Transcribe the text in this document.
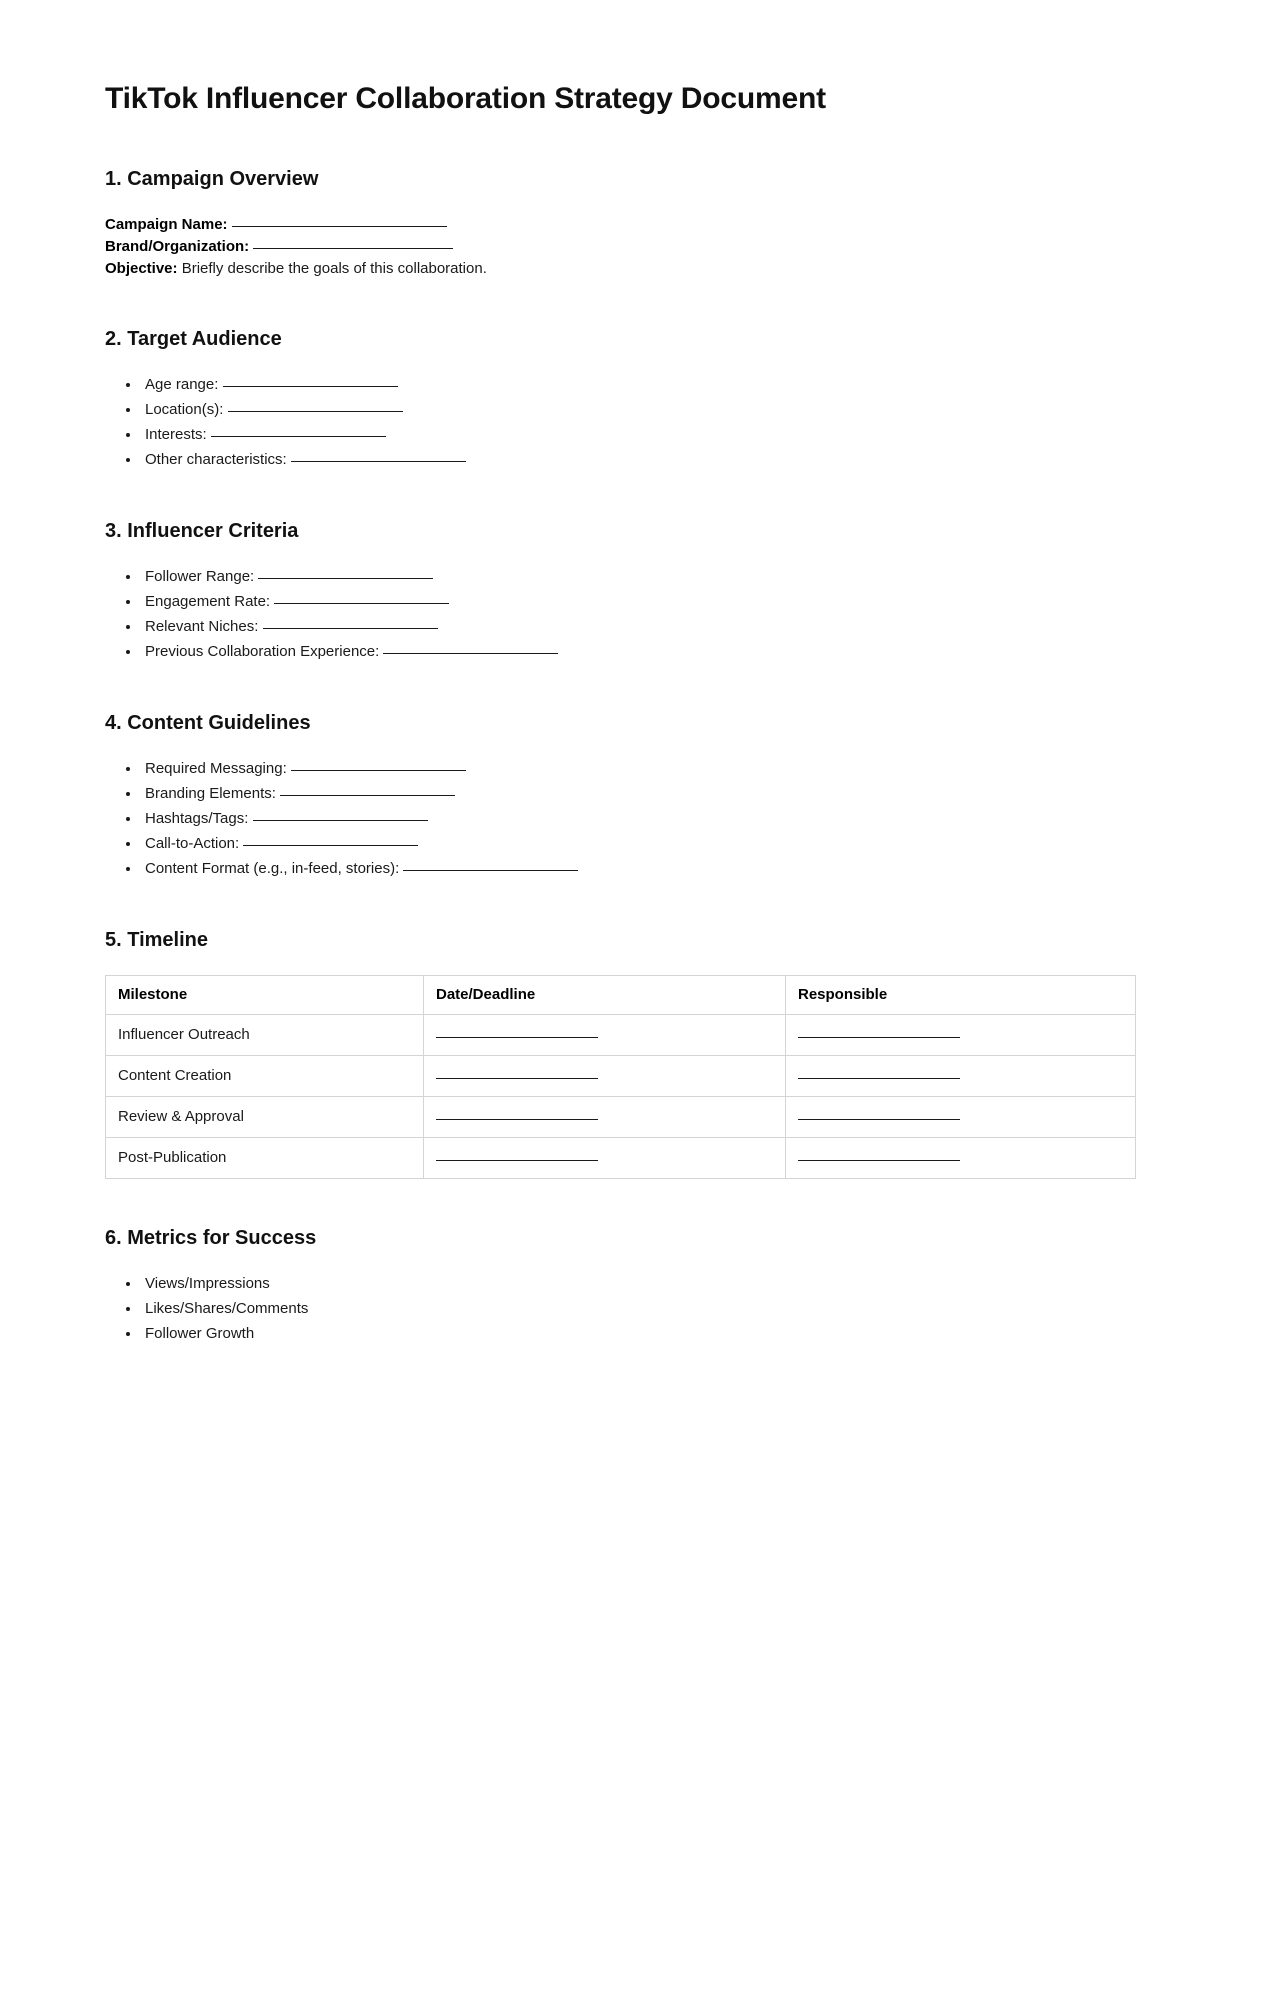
TikTok Influencer Collaboration Strategy Document
1. Campaign Overview
Campaign Name:
Brand/Organization:
Objective: Briefly describe the goals of this collaboration.
2. Target Audience
• Age range:
• Location(s):
• Interests:
• Other characteristics:
3. Influencer Criteria
• Follower Range:
• Engagement Rate:
• Relevant Niches:
• Previous Collaboration Experience:
4. Content Guidelines
• Required Messaging:
• Branding Elements:
• Hashtags/Tags:
• Call-to-Action:
• Content Format (e.g., in-feed, stories):
5. Timeline
Milestone	Date/Deadline	Responsible
Influencer Outreach		
Content Creation		
Review & Approval		
Post-Publication		
6. Metrics for Success
• Views/Impressions
• Likes/Shares/Comments
• Follower Growth
